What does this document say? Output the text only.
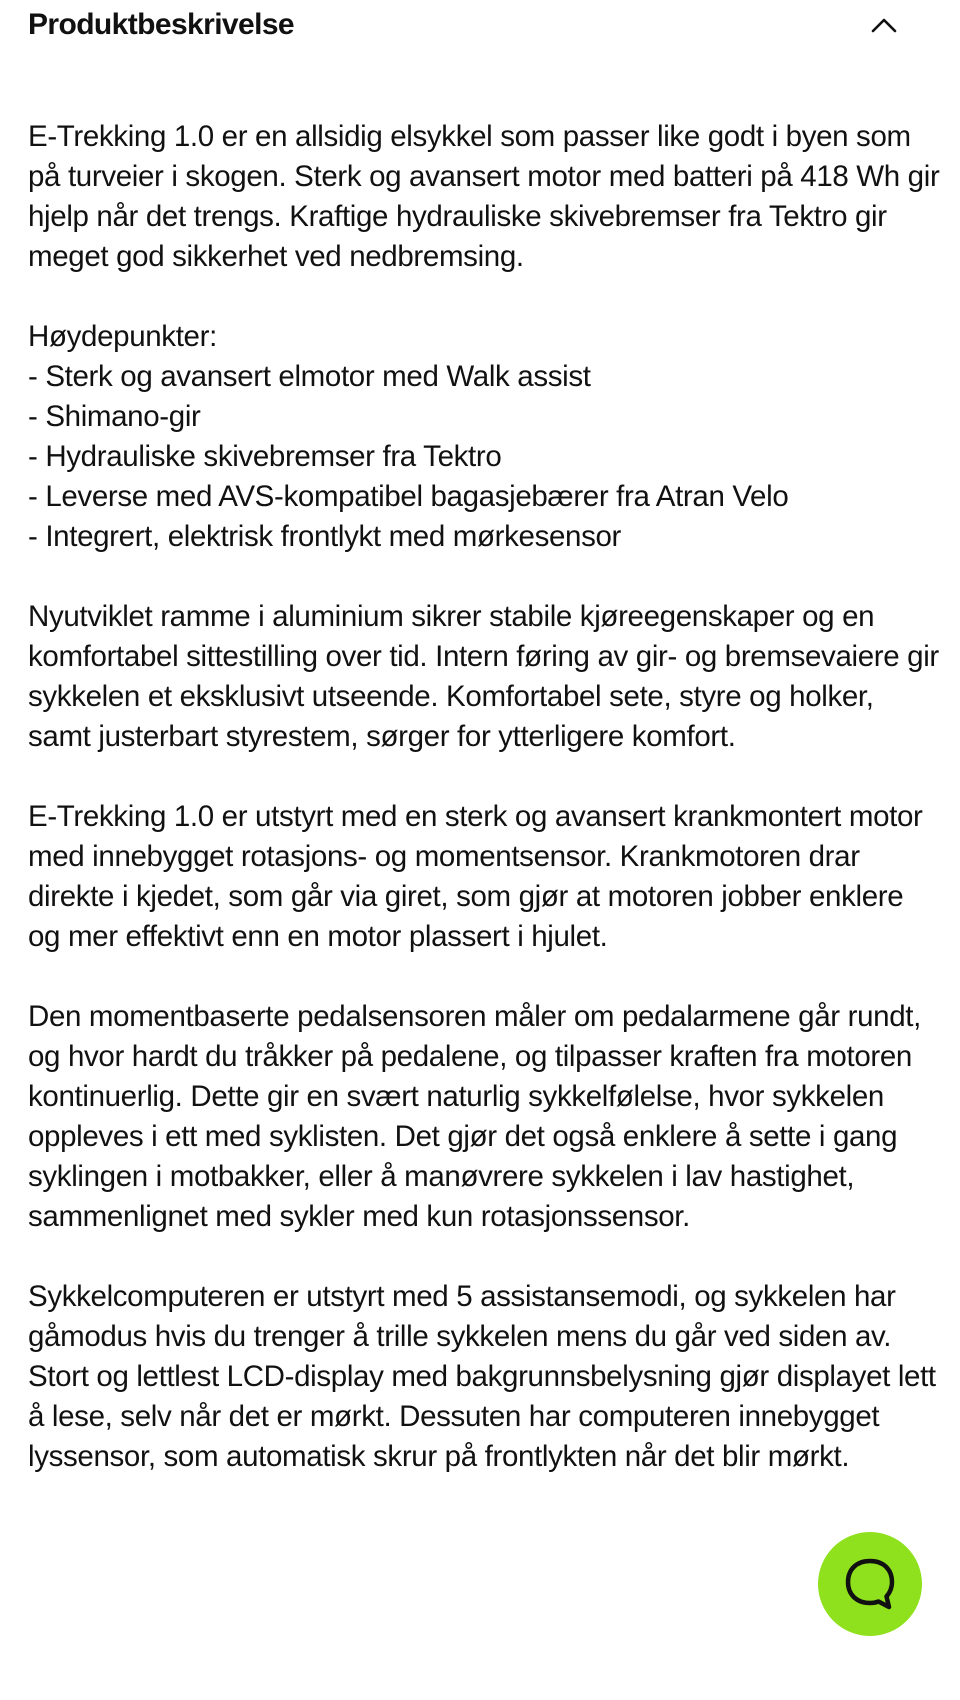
Produktbeskrivelse

E-Trekking 1.0 er en allsidig elsykkel som passer like godt i byen som på turveier i skogen. Sterk og avansert motor med batteri på 418 Wh gir hjelp når det trengs. Kraftige hydrauliske skivebremser fra Tektro gir meget god sikkerhet ved nedbremsing.

Høydepunkter:
- Sterk og avansert elmotor med Walk assist
- Shimano-gir
- Hydrauliske skivebremser fra Tektro
- Leverse med AVS-kompatibel bagasjebærer fra Atran Velo
- Integrert, elektrisk frontlykt med mørkesensor

Nyutviklet ramme i aluminium sikrer stabile kjøreegenskaper og en komfortabel sittestilling over tid. Intern føring av gir- og bremsevaiere gir sykkelen et eksklusivt utseende. Komfortabel sete, styre og holker, samt justerbart styrestem, sørger for ytterligere komfort.

E-Trekking 1.0 er utstyrt med en sterk og avansert krankmontert motor med innebygget rotasjons- og momentsensor. Krankmotoren drar direkte i kjedet, som går via giret, som gjør at motoren jobber enklere og mer effektivt enn en motor plassert i hjulet.

Den momentbaserte pedalsensoren måler om pedalarmene går rundt, og hvor hardt du tråkker på pedalene, og tilpasser kraften fra motoren kontinuerlig. Dette gir en svært naturlig sykkelfølelse, hvor sykkelen oppleves i ett med syklisten. Det gjør det også enklere å sette i gang syklingen i motbakker, eller å manøvrere sykkelen i lav hastighet, sammenlignet med sykler med kun rotasjonssensor.

Sykkelcomputeren er utstyrt med 5 assistansemodi, og sykkelen har gåmodus hvis du trenger å trille sykkelen mens du går ved siden av. Stort og lettlest LCD-display med bakgrunnsbelysning gjør displayet lett å lese, selv når det er mørkt. Dessuten har computeren innebygget lyssensor, som automatisk skrur på frontlykten når det blir mørkt.
